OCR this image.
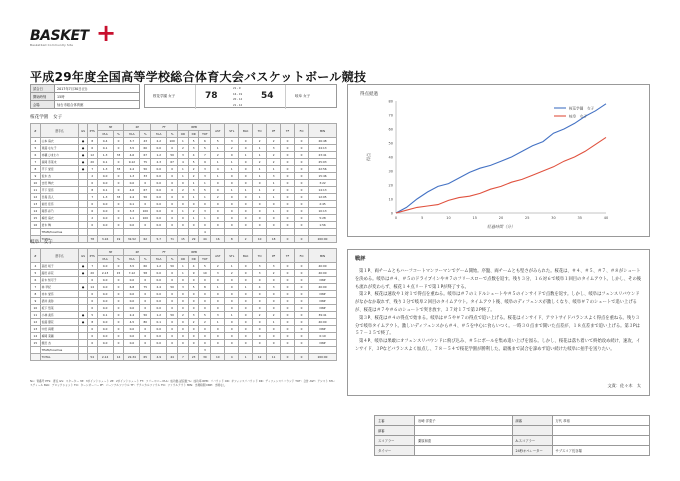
BASKET +
Basketball Community Site
平成29年度全国高等学校総合体育大会バスケットボール競技
試合日	2017年7月30日(日)
開始時刻	15時
会場	仙台市総合体育館
桜花学園 女子	78
21 - 9
16 - 19
20 - 14
21 - 12
54	岐阜 女子
桜花学園　女子
#	選手名	GS	PTS	3P		2P		FT		REB			AST	STL	BLK	TO	PF	TF	FO	MIN
				M-A	%	M-A	%	M-A	%	OR	DR	TOT								
4	山本 麻衣	●	8	0-4	0	3-7	43	2-2	100	1	5	6	5	3	0	2	2	0	0	26:48
5	東藤 なな子	●	6	0-1	0	3-5	60	0-0	0	2	3	5	1	2	0	1	3	0	0	24:13
6	赤穂 ひまわり	●	12	1-3	33	4-6	67	1-2	50	3	4	7	2	0	1	1	2	0	0	23:41
7	森岡 奈菜未	●	20	0-1	0	9-12	75	2-3	67	4	5	9	1	1	0	2	2	0	0	25:03
8	平下 愛佳	●	7	1-3	33	2-4	50	0-0	0	1	2	3	4	1	0	1	1	0	0	22:56
9	佐木 杏		2	0-0	0	1-3	33	0-0	0	1	2	3	1	0	0	1	3	0	0	15:46
10	吉田 舞衣		0	0-0	0	0-0	0	0-0	0	0	1	1	0	0	0	0	1	0	0	3:22
11	平下 里奈		8	0-1	0	4-6	67	0-0	0	2	3	5	0	1	1	1	2	0	0	14:13
12	田島 直人		7	1-3	33	2-4	50	0-0	0	0	1	1	2	0	0	1	1	0	0	12:05
13	前田 佳奈		0	0-0	0	0-1	0	0-0	0	0	0	0	0	0	0	0	0	0	0	2:45
14	岡部 彩乃		6	0-0	0	3-3	100	0-0	0	1	2	3	0	0	0	0	1	0	0	10:13
15	梅田 麻衣		2	0-0	0	1-1	100	0-0	0	0	1	1	0	0	0	0	0	0	0	5:28
16	岩木 舞		0	0-0	0	0-0	0	0-0	0	0	0	0	0	0	0	0	0	0	0	1:56
	TEAM/Coaches											4								
	TOTAL		78	3-16	19	32-52	62	5-7	71	15	29	44	16	8	2	10	18	0	0	200:00
岐阜　女子
#	選手名	GS	PTS	3P		2P		FT		REB			AST	STL	BLK	TO	PF	TF	FO	MIN
				M-A	%	M-A	%	M-A	%	OR	DR	TOT								
4	高田 咲子	●	7	0-0	0	3-5	60	1-2	50	1	4	5	2	1	0	3	3	0	0	40:00
5	藤田 彩花	●	20	2-13	15	7-12	58	0-0	0	1	9	10	3	2	0	3	2	0	0	40:00
6	鈴木 知可子		0	0-0	0	0-0	0	0-0	0	0	0	0	0	0	0	0	0	0	0	DNP
7	林 早紀	●	14	0-0	0	6-8	75	2-4	50	3	5	8	1	0	1	4	3	0	0	40:00
8	赤木 愛奈		0	0-0	0	0-0	0	0-0	0	0	0	0	0	0	0	0	0	0	0	DNP
9	酒井 美弥		0	0-0	0	0-0	0	0-0	0	0	0	0	0	0	0	0	0	0	0	DNP
10	坂下 悠菜		0	0-0	0	0-0	0	0-0	0	0	0	0	0	0	0	0	0	0	0	DNP
11	小林 美奈	●	5	0-1	0	2-4	50	1-2	50	2	3	5	3	1	0	2	2	0	0	39:41
12	佐藤 優花	●	8	0-0	0	4-5	80	0-1	0	0	2	2	1	0	0	0	1	0	0	40:00
13	中田 真理		0	0-0	0	0-0	0	0-0	0	0	0	0	0	0	0	0	0	0	0	DNP
14	梅岡 菜穂		0	0-0	0	0-0	0	0-0	0	0	0	0	0	0	0	0	0	0	0	0:19
15	飯田 杏		0	0-0	0	0-0	0	0-0	0	0	0	0	0	0	0	0	0	0	0	DNP
	TEAM/Coaches											3								
	TOTAL		54	2-14	14	22-34	65	4-9	44	7	23	30	10	4	1	12	11	0	0	200:00
No：背番号 PTS：得点 GS：スターター 3P：3ポイントシュート 2P：2ポイントシュート FT：フリースロー M-A：成功数-試投数 %：成功率 REB：リバウンド OR：オフェンスリバウンド DR：ディフェンスリバウンド TOT：合計 AST：アシスト STL：スティール BLK：ブロックショット TO：ターンオーバー PF：パーソナルファウル TF：テクニカルファウル FO：ファウルアウト MIN：出場時間 DNP：出場なし
得点経過
0
10
20
30
40
50
60
70
80
0	5	10	15	20	25	30	35	40
経過時間（分）
得点
桜花学園　女子
岐阜　女子
戦評

第１P、両チームともハーフコートマンツーマンでゲーム開始。序盤、両チームとも堅さがみられた。桜花は、＃４、＃５、＃７、＃８がシュートを決める。岐阜は＃４、＃５のドライブインや＃７のフリースローで点数を返す。残り３分、１６対６で岐阜１回目のタイムアウト。しかし、その後も流れが変わらず、桜花１４点リードで第１Pが終了する。

第２P、桜花は速攻や１対１で得点を重ねる。岐阜は＃７のミドルシュートや＃５のインサイドで点数を返す。しかし、岐阜はフェンスリバウンドがなかなか取れず、残り３分で岐阜２回目のタイムアウト。タイムアウト後、岐阜のディフェンスが激しくなり、岐阜＃７のシュートで追い上げるが、桜花は＃７や＃６のシュートで突き放す、３７対１７で第２P終了。

第３P、桜花は＃４の得点で始まる。岐阜は＃５や＃７の得点で追い上げる。桜花はインサイド、アウトサイドバランスよく得点を重ねる。残り３分で岐阜タイムアウト。激しいディフェンスから＃４、＃５を中心に食らいつく。一時３０点まで開いた点差が、１８点差まで追い上げる。第３Pは５７－３５で終了。

第４P、岐阜は果敢にオフェンスリバウンドに飛び込み、＃５にボールを集め追い上げを図る。しかし、桜花は落ち着いて終始攻め続け、速攻、インサイド、３Pなどバランスよく加点し、７８－５４で桜花学園が勝利した。最後まで試合を諦めず追い続けた岐阜に拍手を送りたい。

文責：佐々木　太
主審	岩崎 洋恵子	副審	万代 恭裕
副審			
スコアラー	栗原和恵	A.スコアラー	
タイマー		24秒オペレーター	サブスコア長谷場
